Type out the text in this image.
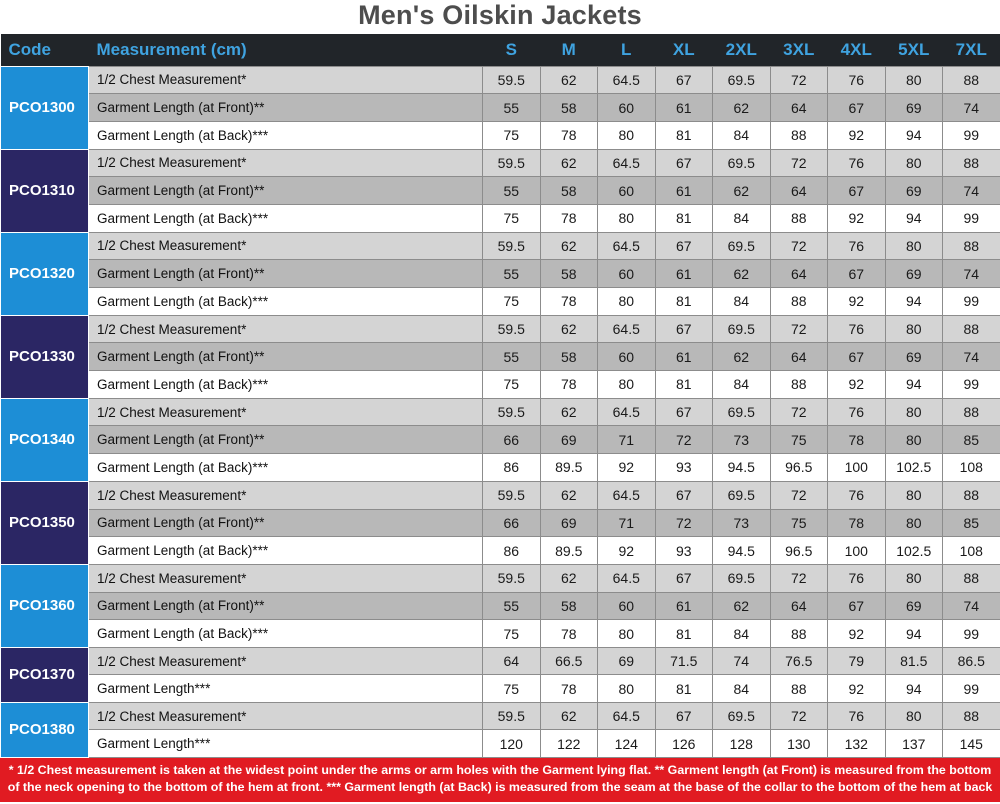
Men's Oilskin Jackets
Code	Measurement (cm)	S	M	L	XL	2XL	3XL	4XL	5XL	7XL
PCO1300	1/2 Chest Measurement*	59.5	62	64.5	67	69.5	72	76	80	88
	Garment Length (at Front)**	55	58	60	61	62	64	67	69	74
	Garment Length (at Back)***	75	78	80	81	84	88	92	94	99
PCO1310	1/2 Chest Measurement*	59.5	62	64.5	67	69.5	72	76	80	88
	Garment Length (at Front)**	55	58	60	61	62	64	67	69	74
	Garment Length (at Back)***	75	78	80	81	84	88	92	94	99
PCO1320	1/2 Chest Measurement*	59.5	62	64.5	67	69.5	72	76	80	88
	Garment Length (at Front)**	55	58	60	61	62	64	67	69	74
	Garment Length (at Back)***	75	78	80	81	84	88	92	94	99
PCO1330	1/2 Chest Measurement*	59.5	62	64.5	67	69.5	72	76	80	88
	Garment Length (at Front)**	55	58	60	61	62	64	67	69	74
	Garment Length (at Back)***	75	78	80	81	84	88	92	94	99
PCO1340	1/2 Chest Measurement*	59.5	62	64.5	67	69.5	72	76	80	88
	Garment Length (at Front)**	66	69	71	72	73	75	78	80	85
	Garment Length (at Back)***	86	89.5	92	93	94.5	96.5	100	102.5	108
PCO1350	1/2 Chest Measurement*	59.5	62	64.5	67	69.5	72	76	80	88
	Garment Length (at Front)**	66	69	71	72	73	75	78	80	85
	Garment Length (at Back)***	86	89.5	92	93	94.5	96.5	100	102.5	108
PCO1360	1/2 Chest Measurement*	59.5	62	64.5	67	69.5	72	76	80	88
	Garment Length (at Front)**	55	58	60	61	62	64	67	69	74
	Garment Length (at Back)***	75	78	80	81	84	88	92	94	99
PCO1370	1/2 Chest Measurement*	64	66.5	69	71.5	74	76.5	79	81.5	86.5
	Garment Length***	75	78	80	81	84	88	92	94	99
PCO1380	1/2 Chest Measurement*	59.5	62	64.5	67	69.5	72	76	80	88
	Garment Length***	120	122	124	126	128	130	132	137	145
* 1/2 Chest measurement is taken at the widest point under the arms or arm holes with the Garment lying flat. ** Garment length (at Front) is measured from the bottom of the neck opening to the bottom of the hem at front. *** Garment length (at Back) is measured from the seam at the base of the collar to the bottom of the hem at back
